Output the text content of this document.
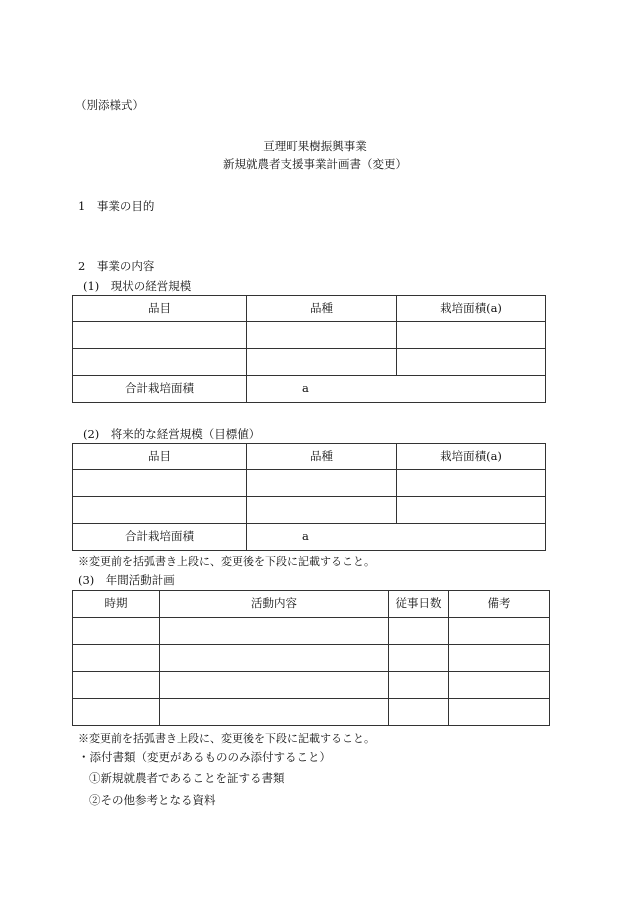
（別添様式）
亘理町果樹振興事業
新規就農者支援事業計画書（変更）
1　事業の目的
2　事業の内容
(1)　現状の経営規模
品目	品種	栽培面積(a)

合計栽培面積	a	
(2)　将来的な経営規模（目標値）
品目	品種	栽培面積(a)

合計栽培面積	a	
※変更前を括弧書き上段に、変更後を下段に記載すること。
(3)　年間活動計画
時期	活動内容	従事日数	備考

※変更前を括弧書き上段に、変更後を下段に記載すること。
・添付書類（変更があるもののみ添付すること）
①新規就農者であることを証する書類
②その他参考となる資料
